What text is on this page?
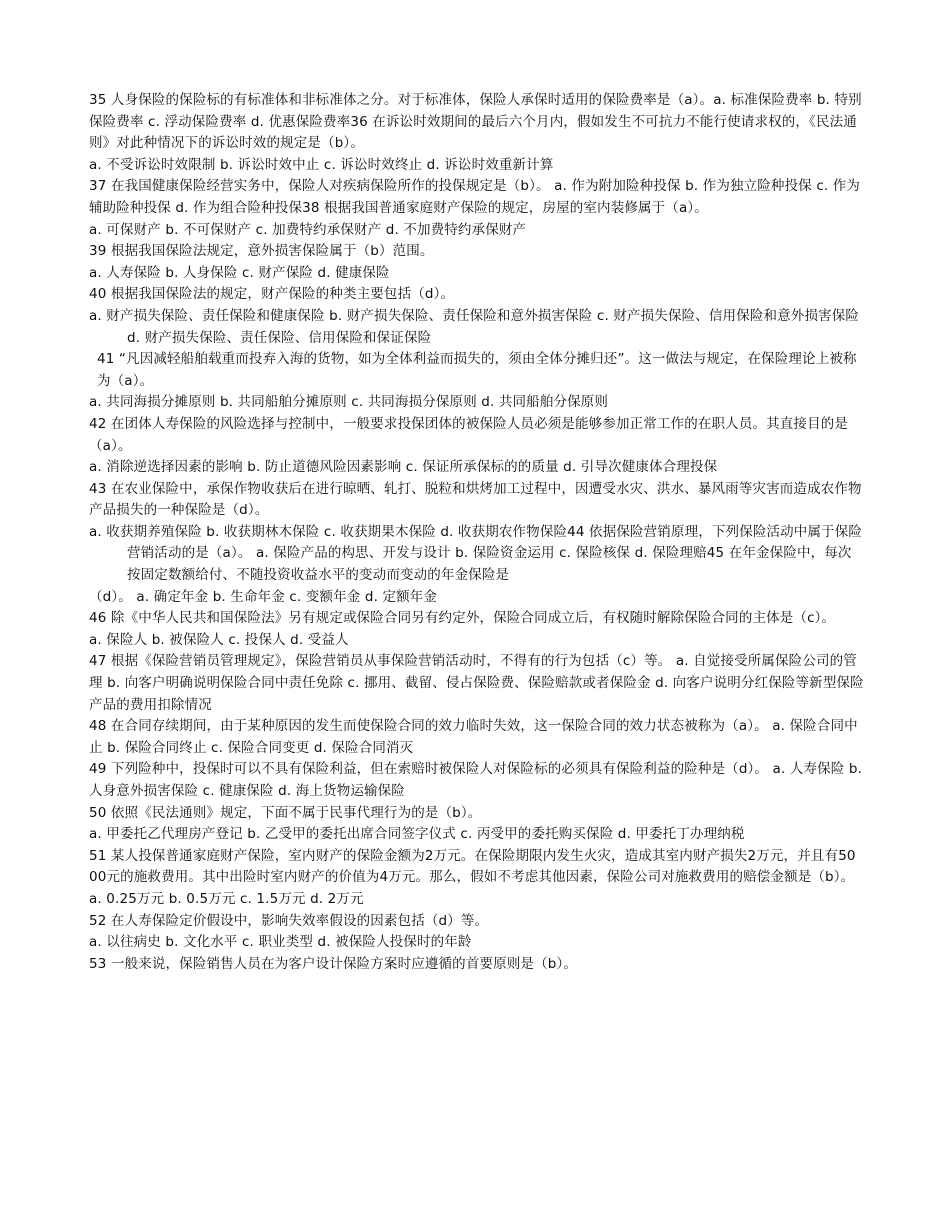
35 人身保险的保险标的有标准体和非标准体之分。对于标准体，保险人承保时适用的保险费率是（a）。a. 标准保险费率 b. 特别保险费率 c. 浮动保险费率 d. 优惠保险费率36 在诉讼时效期间的最后六个月内，假如发生不可抗力不能行使请求权的，《民法通则》对此种情况下的诉讼时效的规定是（b）。

a. 不受诉讼时效限制 b. 诉讼时效中止 c. 诉讼时效终止 d. 诉讼时效重新计算

37 在我国健康保险经营实务中，保险人对疾病保险所作的投保规定是（b）。 a. 作为附加险种投保 b. 作为独立险种投保 c. 作为辅助险种投保 d. 作为组合险种投保38 根据我国普通家庭财产保险的规定，房屋的室内装修属于（a）。

a. 可保财产 b. 不可保财产 c. 加费特约承保财产 d. 不加费特约承保财产

39 根据我国保险法规定，意外损害保险属于（b）范围。

a. 人寿保险 b. 人身保险 c. 财产保险 d. 健康保险

40 根据我国保险法的规定，财产保险的种类主要包括（d）。

a. 财产损失保险、责任保险和健康保险 b. 财产损失保险、责任保险和意外损害保险 c. 财产损失保险、信用保险和意外损害保险 d. 财产损失保险、责任保险、信用保险和保证保险

41 “凡因减轻船舶载重而投弃入海的货物，如为全体利益而损失的，须由全体分摊归还”。这一做法与规定，在保险理论上被称为（a）。

a. 共同海损分摊原则 b. 共同船舶分摊原则 c. 共同海损分保原则 d. 共同船舶分保原则

42 在团体人寿保险的风险选择与控制中，一般要求投保团体的被保险人员必须是能够参加正常工作的在职人员。其直接目的是（a）。

a. 消除逆选择因素的影响 b. 防止道德风险因素影响 c. 保证所承保标的的质量 d. 引导次健康体合理投保

43 在农业保险中，承保作物收获后在进行晾晒、轧打、脱粒和烘烤加工过程中，因遭受水灾、洪水、暴风雨等灾害而造成农作物产品损失的一种保险是（d）。

a. 收获期养殖保险 b. 收获期林木保险 c. 收获期果木保险 d. 收获期农作物保险44 依据保险营销原理，下列保险活动中属于保险营销活动的是（a）。 a. 保险产品的构思、开发与设计 b. 保险资金运用 c. 保险核保 d. 保险理赔45 在年金保险中，每次按固定数额给付、不随投资收益水平的变动而变动的年金保险是

（d）。 a. 确定年金 b. 生命年金 c. 变额年金 d. 定额年金

46 除《中华人民共和国保险法》另有规定或保险合同另有约定外，保险合同成立后，有权随时解除保险合同的主体是（c）。

a. 保险人 b. 被保险人 c. 投保人 d. 受益人

47 根据《保险营销员管理规定》，保险营销员从事保险营销活动时，不得有的行为包括（c）等。 a. 自觉接受所属保险公司的管理 b. 向客户明确说明保险合同中责任免除 c. 挪用、截留、侵占保险费、保险赔款或者保险金 d. 向客户说明分红保险等新型保险产品的费用扣除情况

48 在合同存续期间，由于某种原因的发生而使保险合同的效力临时失效，这一保险合同的效力状态被称为（a）。 a. 保险合同中止 b. 保险合同终止 c. 保险合同变更 d. 保险合同消灭

49 下列险种中，投保时可以不具有保险利益，但在索赔时被保险人对保险标的必须具有保险利益的险种是（d）。 a. 人寿保险 b. 人身意外损害保险 c. 健康保险 d. 海上货物运输保险

50 依照《民法通则》规定，下面不属于民事代理行为的是（b）。

a. 甲委托乙代理房产登记 b. 乙受甲的委托出席合同签字仪式 c. 丙受甲的委托购买保险 d. 甲委托丁办理纳税

51 某人投保普通家庭财产保险，室内财产的保险金额为2万元。在保险期限内发生火灾，造成其室内财产损失2万元，并且有5000元的施救费用。其中出险时室内财产的价值为4万元。那么，假如不考虑其他因素，保险公司对施救费用的赔偿金额是（b）。 a. 0.25万元 b. 0.5万元 c. 1.5万元 d. 2万元

52 在人寿保险定价假设中，影响失效率假设的因素包括（d）等。

a. 以往病史 b. 文化水平 c. 职业类型 d. 被保险人投保时的年龄

53 一般来说，保险销售人员在为客户设计保险方案时应遵循的首要原则是（b）。
